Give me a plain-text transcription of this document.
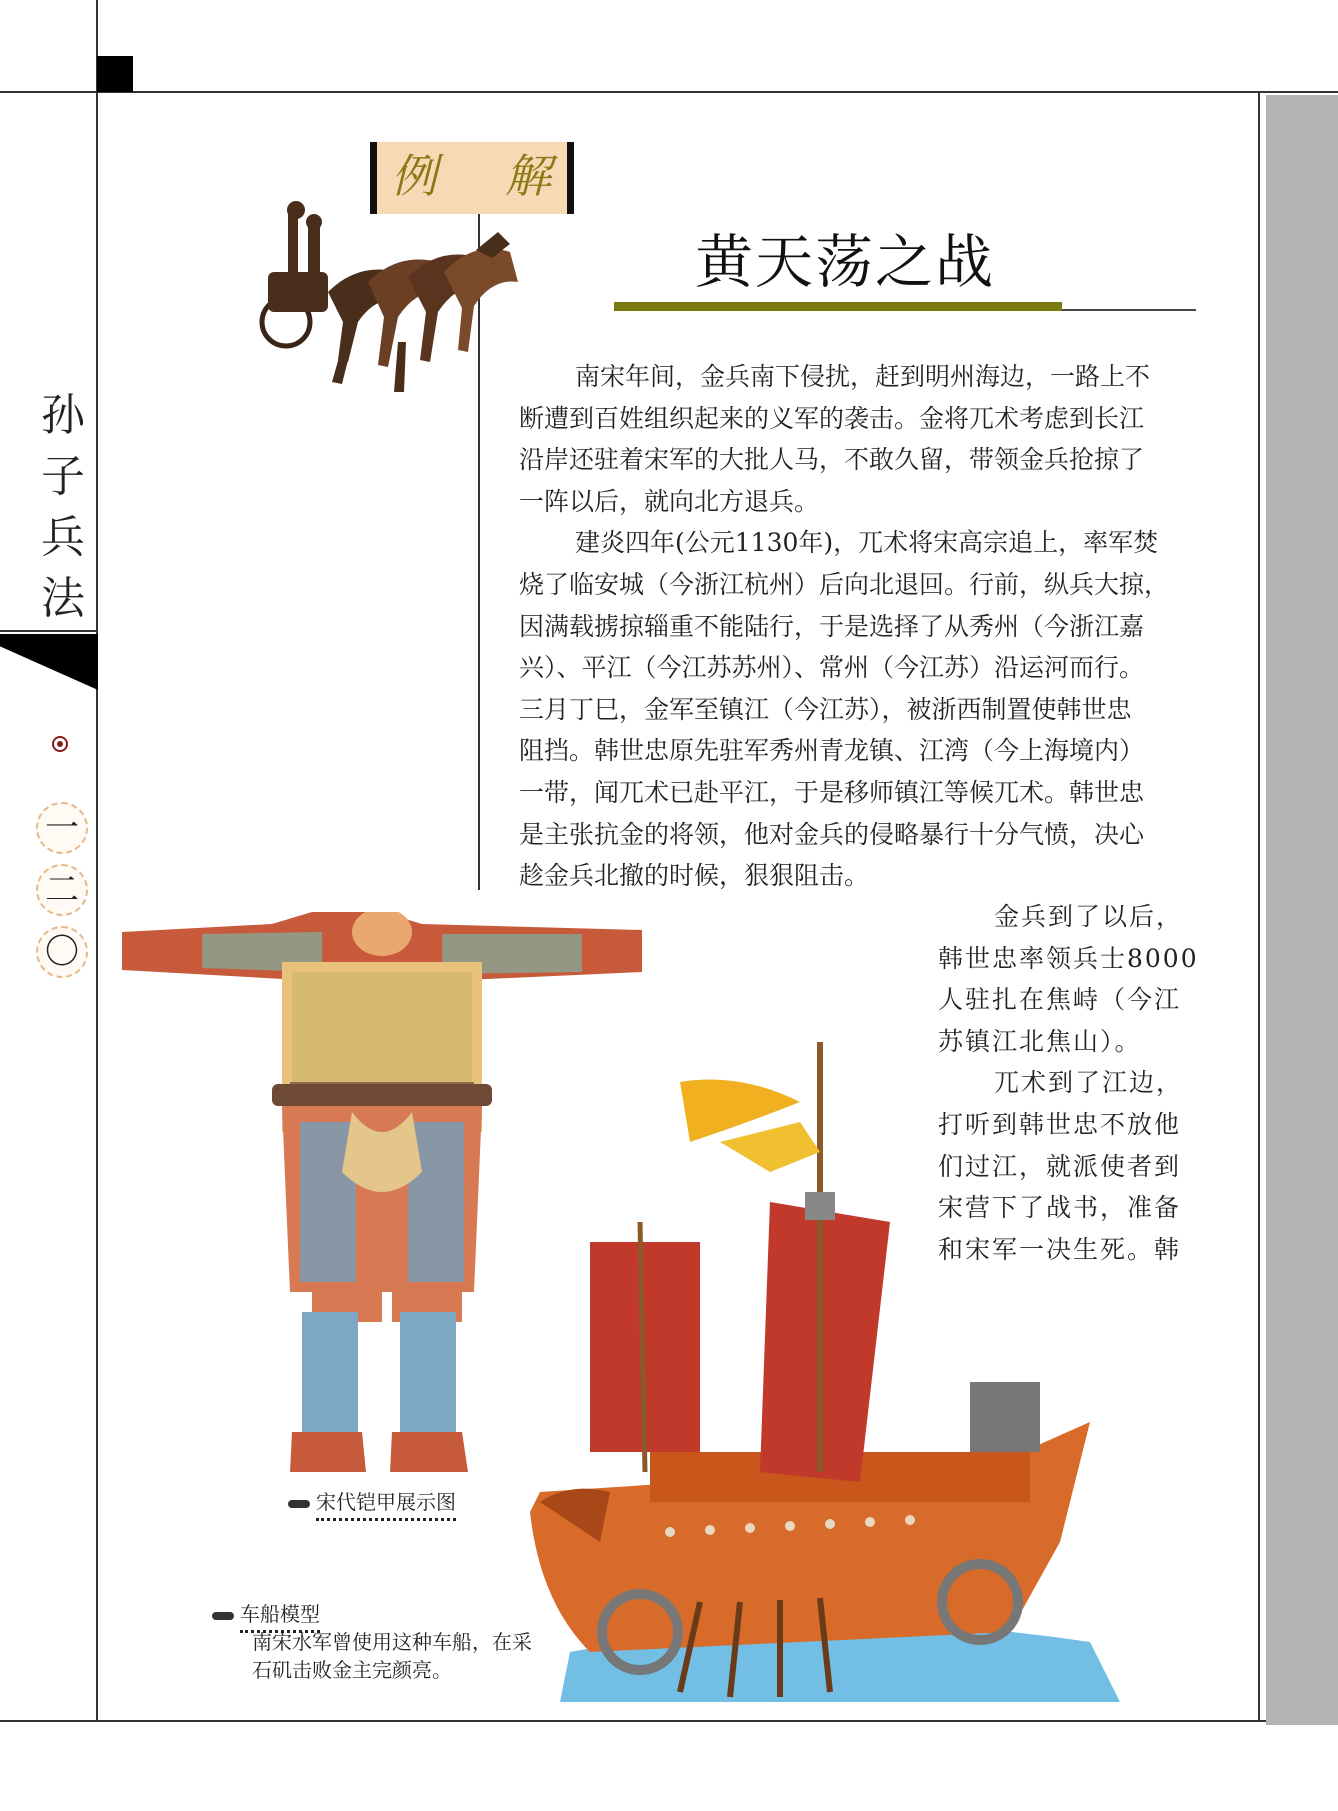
孙
子
兵
法
一
二
〇
例 解
黄天荡之战
南宋年间，金兵南下侵扰，赶到明州海边，一路上不
断遭到百姓组织起来的义军的袭击。金将兀术考虑到长江
沿岸还驻着宋军的大批人马，不敢久留，带领金兵抢掠了
一阵以后，就向北方退兵。
建炎四年(公元1130年)，兀术将宋高宗追上，率军焚
烧了临安城（今浙江杭州）后向北退回。行前，纵兵大掠，
因满载掳掠辎重不能陆行，于是选择了从秀州（今浙江嘉
兴）、平江（今江苏苏州）、常州（今江苏）沿运河而行。
三月丁巳，金军至镇江（今江苏），被浙西制置使韩世忠
阻挡。韩世忠原先驻军秀州青龙镇、江湾（今上海境内）
一带，闻兀术已赴平江，于是移师镇江等候兀术。韩世忠
是主张抗金的将领，他对金兵的侵略暴行十分气愤，决心
趁金兵北撤的时候，狠狠阻击。
金兵到了以后，
韩世忠率领兵士8000
人驻扎在焦峙（今江
苏镇江北焦山）。
兀术到了江边，
打听到韩世忠不放他
们过江，就派使者到
宋营下了战书，准备
和宋军一决生死。韩
宋代铠甲展示图
车船模型
南宋水军曾使用这种车船，在采
石矶击败金主完颜亮。
